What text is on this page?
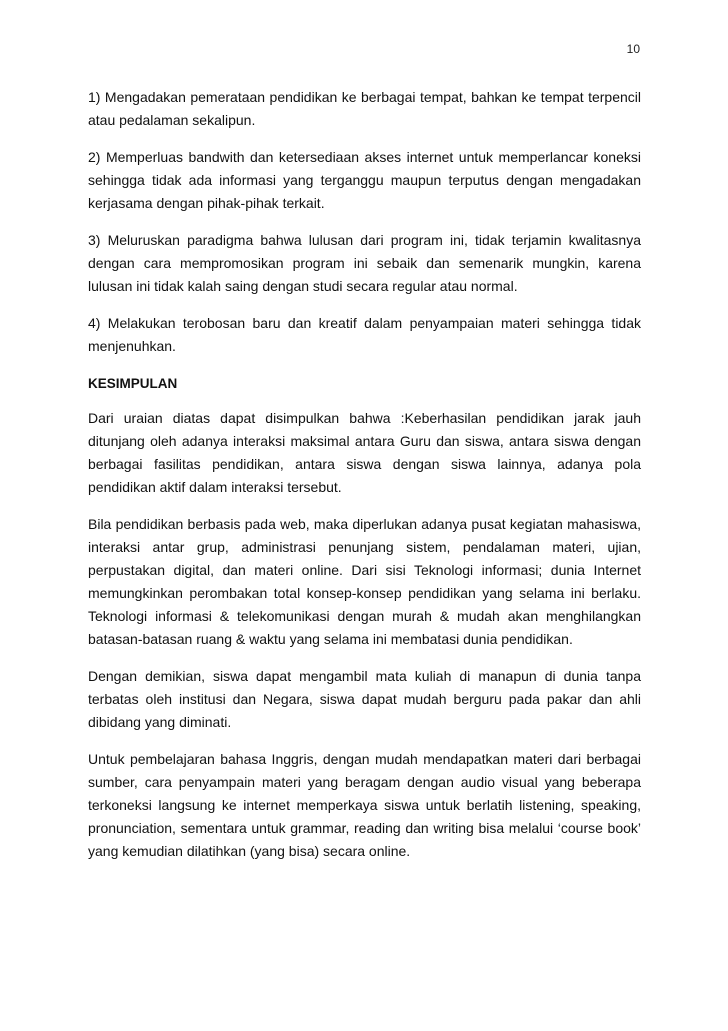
10

1) Mengadakan pemerataan pendidikan ke berbagai tempat, bahkan ke tempat terpencil atau pedalaman sekalipun.

2) Memperluas bandwith dan ketersediaan akses internet untuk memperlancar koneksi sehingga tidak ada informasi yang terganggu maupun terputus dengan mengadakan kerjasama dengan pihak-pihak terkait.

3) Meluruskan paradigma bahwa lulusan dari program ini, tidak terjamin kwalitasnya dengan cara mempromosikan program ini sebaik dan semenarik mungkin, karena lulusan ini tidak kalah saing dengan studi secara regular atau normal.

4) Melakukan terobosan baru dan kreatif dalam penyampaian materi sehingga tidak menjenuhkan.

KESIMPULAN

Dari uraian diatas dapat disimpulkan bahwa :Keberhasilan pendidikan jarak jauh ditunjang oleh adanya interaksi maksimal antara Guru dan siswa, antara siswa dengan berbagai fasilitas pendidikan, antara siswa dengan siswa lainnya, adanya pola pendidikan aktif dalam interaksi tersebut.

Bila pendidikan berbasis pada web, maka diperlukan adanya pusat kegiatan mahasiswa, interaksi antar grup, administrasi penunjang sistem, pendalaman materi, ujian, perpustakan digital, dan materi online. Dari sisi Teknologi informasi; dunia Internet memungkinkan perombakan total konsep-konsep pendidikan yang selama ini berlaku. Teknologi informasi & telekomunikasi dengan murah & mudah akan menghilangkan batasan-batasan ruang & waktu yang selama ini membatasi dunia pendidikan.

Dengan demikian, siswa dapat mengambil mata kuliah di manapun di dunia tanpa terbatas oleh institusi dan Negara, siswa dapat mudah berguru pada pakar dan ahli dibidang yang diminati.

Untuk pembelajaran bahasa Inggris, dengan mudah mendapatkan materi dari berbagai sumber, cara penyampain materi yang beragam dengan audio visual yang beberapa terkoneksi langsung ke internet memperkaya siswa untuk berlatih listening, speaking, pronunciation, sementara untuk grammar, reading dan writing bisa melalui ‘course book’ yang kemudian dilatihkan (yang bisa) secara online.
